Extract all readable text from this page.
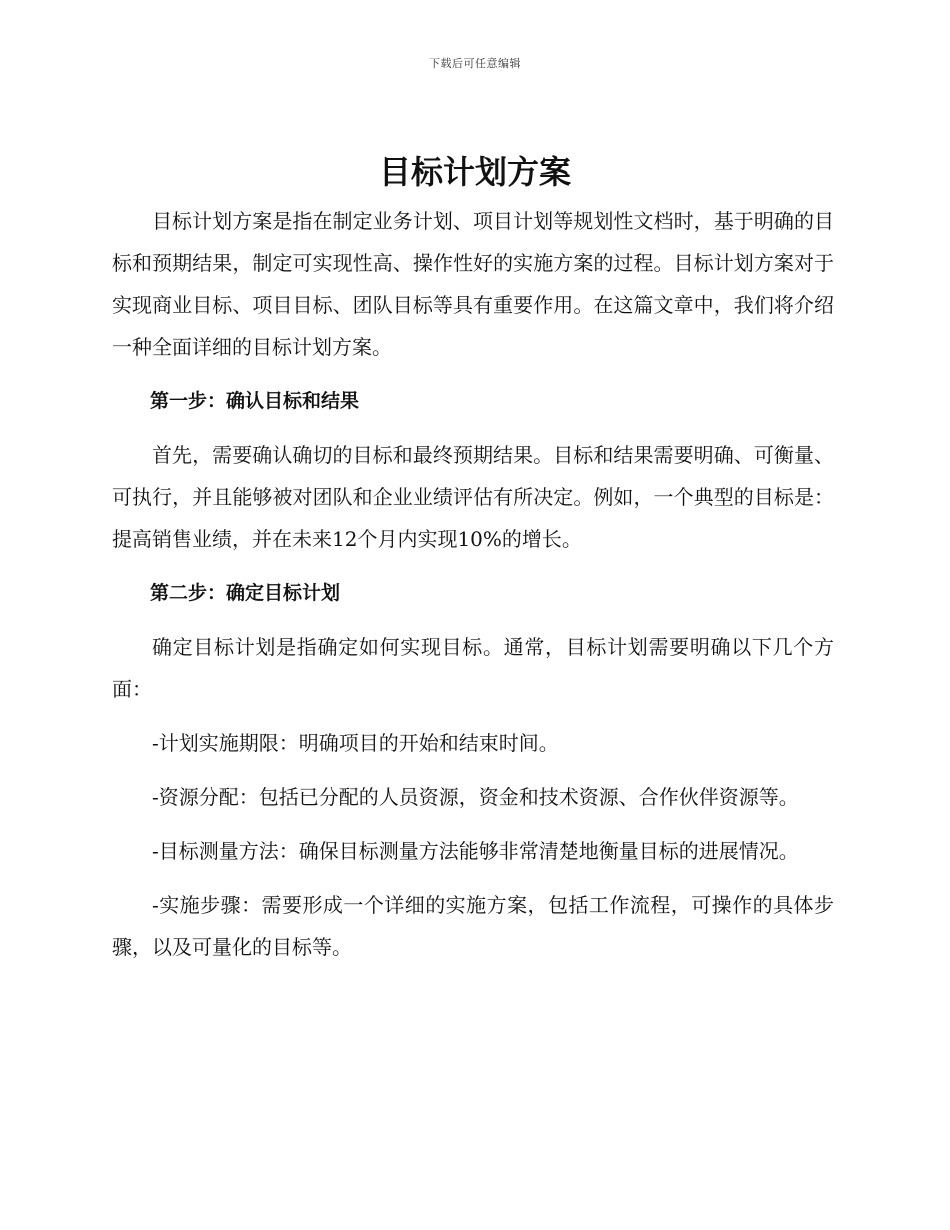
下载后可任意编辑
目标计划方案

目标计划方案是指在制定业务计划、项目计划等规划性文档时，基于明确的目标和预期结果，制定可实现性高、操作性好的实施方案的过程。目标计划方案对于实现商业目标、项目目标、团队目标等具有重要作用。在这篇文章中，我们将介绍一种全面详细的目标计划方案。

第一步：确认目标和结果

首先，需要确认确切的目标和最终预期结果。目标和结果需要明确、可衡量、可执行，并且能够被对团队和企业业绩评估有所决定。例如，一个典型的目标是：提高销售业绩，并在未来12个月内实现10%的增长。

第二步：确定目标计划

确定目标计划是指确定如何实现目标。通常，目标计划需要明确以下几个方面：

-计划实施期限：明确项目的开始和结束时间。

-资源分配：包括已分配的人员资源，资金和技术资源、合作伙伴资源等。

-目标测量方法：确保目标测量方法能够非常清楚地衡量目标的进展情况。

-实施步骤：需要形成一个详细的实施方案，包括工作流程，可操作的具体步骤，以及可量化的目标等。
